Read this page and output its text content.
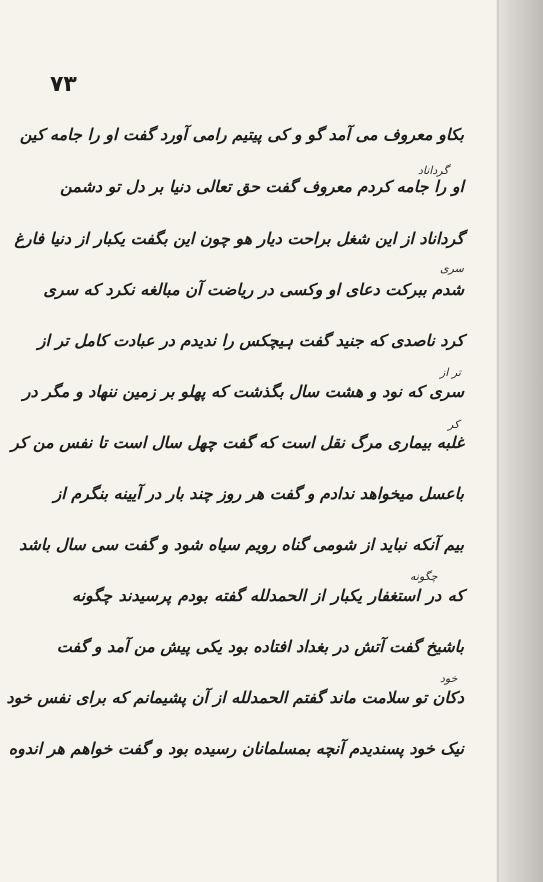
۷۳
بکاو معروف می آمد گو و کی پیتیم رامی آورد گفت او را جامه کین
او را جامه کردم معروف گفت حق تعالی دنیا بر دل تو دشمن
گرداناد از این شغل براحت دیار هو چون این بگفت یکبار از دنیا فارغ
شدم ببرکت دعای او وکسی در ریاضت آن مبالغه نکرد که سری
کرد ناصدی که جنید گفت ہیچکس را ندیدم در عبادت کامل تر از
سری که نود و هشت سال بگذشت که پهلو بر زمین ننهاد و مگر در
غلبه بیماری مرگ نقل است که گفت چهل سال است تا نفس من کر
باعسل میخواهد ندادم و گفت هر روز چند بار در آیینه بنگرم از
بیم آنکه نباید از شومی گناه رویم سیاه شود و گفت سی سال باشد
که در استغفار یکبار از الحمدلله گفته بودم پرسیدند چگونه
باشیخ گفت آتش در بغداد افتاده بود یکی پیش من آمد و گفت
دکان تو سلامت ماند گفتم الحمدلله از آن پشیمانم که برای نفس خود
نیک خود پسندیدم آنچه بمسلمانان رسیده بود و گفت خواهم هر اندوه
گرداناد
سری
تر از
کر
چگونه
خود
